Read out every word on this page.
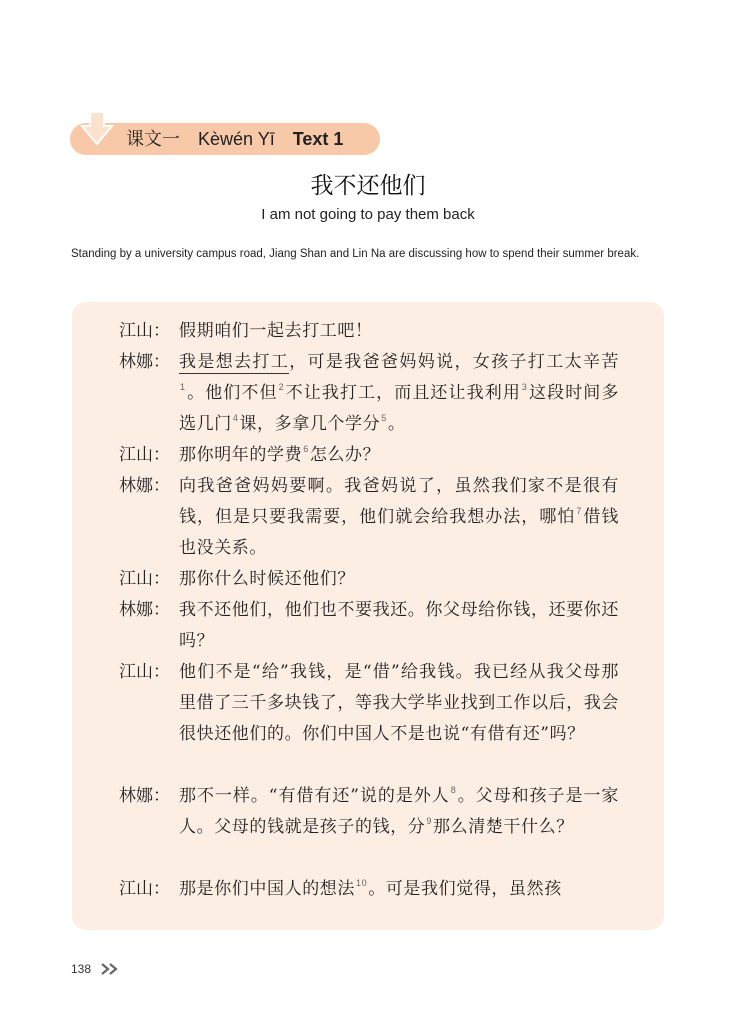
课文一 Kèwén Yī Text 1
我不还他们
I am not going to pay them back
Standing by a university campus road, Jiang Shan and Lin Na are discussing how to spend their summer break.
江山： 假期咱们一起去打工吧！
林娜： 我是想去打工，可是我爸爸妈妈说，女孩子打工太辛苦$^1$。他们不但$^2$不让我打工，而且还让我利用$^3$这段时间多选几门$^4$课，多拿几个学分$^5$。
江山： 那你明年的学费$^6$怎么办？
林娜： 向我爸爸妈妈要啊。我爸妈说了，虽然我们家不是很有钱，但是只要我需要，他们就会给我想办法，哪怕$^7$借钱也没关系。
江山： 那你什么时候还他们？
林娜： 我不还他们，他们也不要我还。你父母给你钱，还要你还吗？
江山： 他们不是“给”我钱，是“借”给我钱。我已经从我父母那里借了三千多块钱了，等我大学毕业找到工作以后，我会很快还他们的。你们中国人不是也说“有借有还”吗？
林娜： 那不一样。“有借有还”说的是外人$^8$。父母和孩子是一家人。父母的钱就是孩子的钱，分$^9$那么清楚干什么？
江山： 那是你们中国人的想法$^{10}$。可是我们觉得，虽然孩
138
